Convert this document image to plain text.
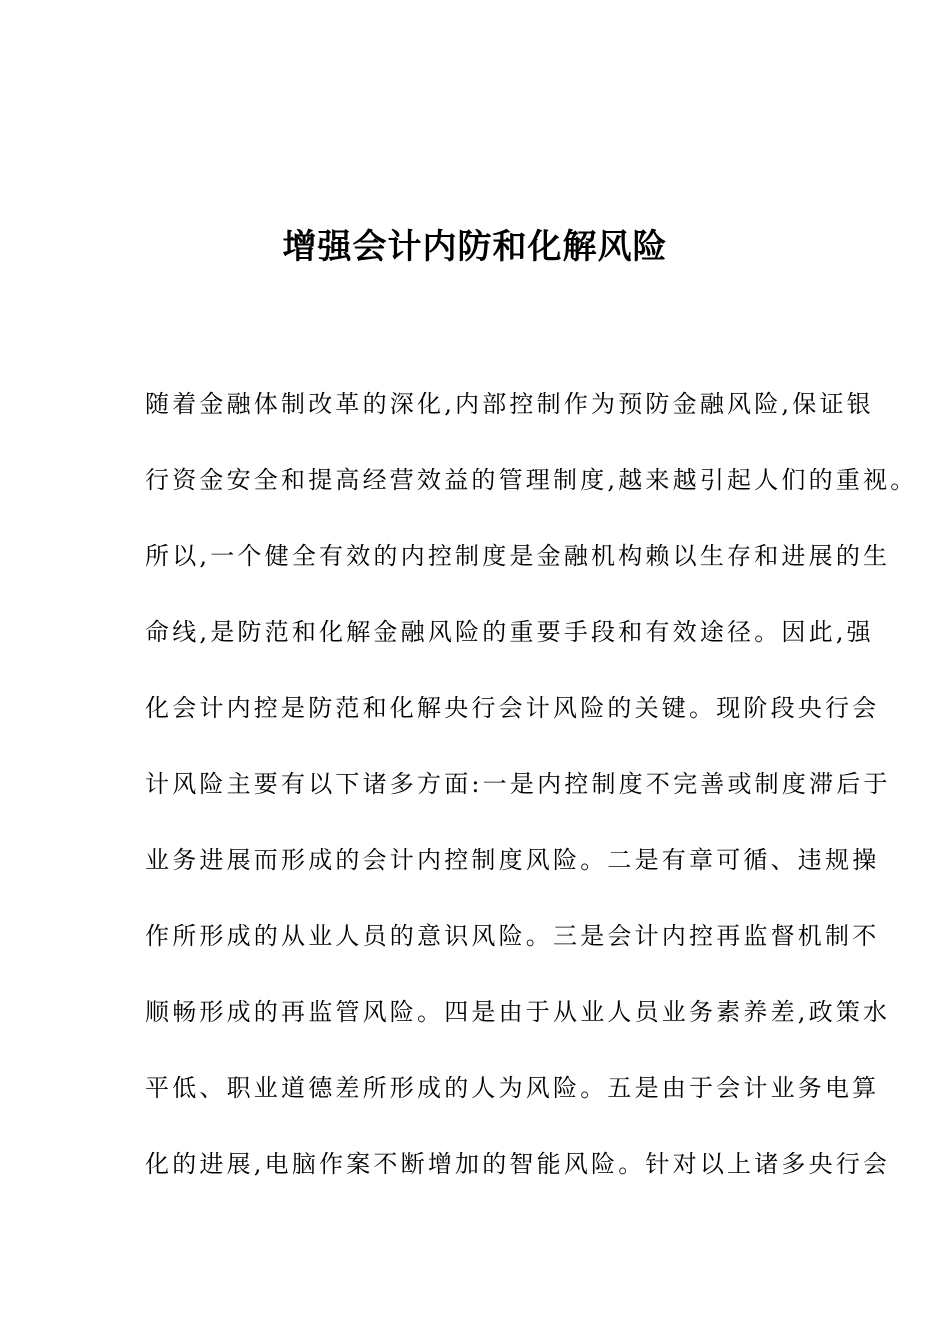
增强会计内防和化解风险
随着金融体制改革的深化,内部控制作为预防金融风险,保证银
行资金安全和提高经营效益的管理制度,越来越引起人们的重视。
所以,一个健全有效的内控制度是金融机构赖以生存和进展的生
命线,是防范和化解金融风险的重要手段和有效途径。因此,强
化会计内控是防范和化解央行会计风险的关键。现阶段央行会
计风险主要有以下诸多方面:一是内控制度不完善或制度滞后于
业务进展而形成的会计内控制度风险。二是有章可循、违规操
作所形成的从业人员的意识风险。三是会计内控再监督机制不
顺畅形成的再监管风险。四是由于从业人员业务素养差,政策水
平低、职业道德差所形成的人为风险。五是由于会计业务电算
化的进展,电脑作案不断增加的智能风险。针对以上诸多央行会
